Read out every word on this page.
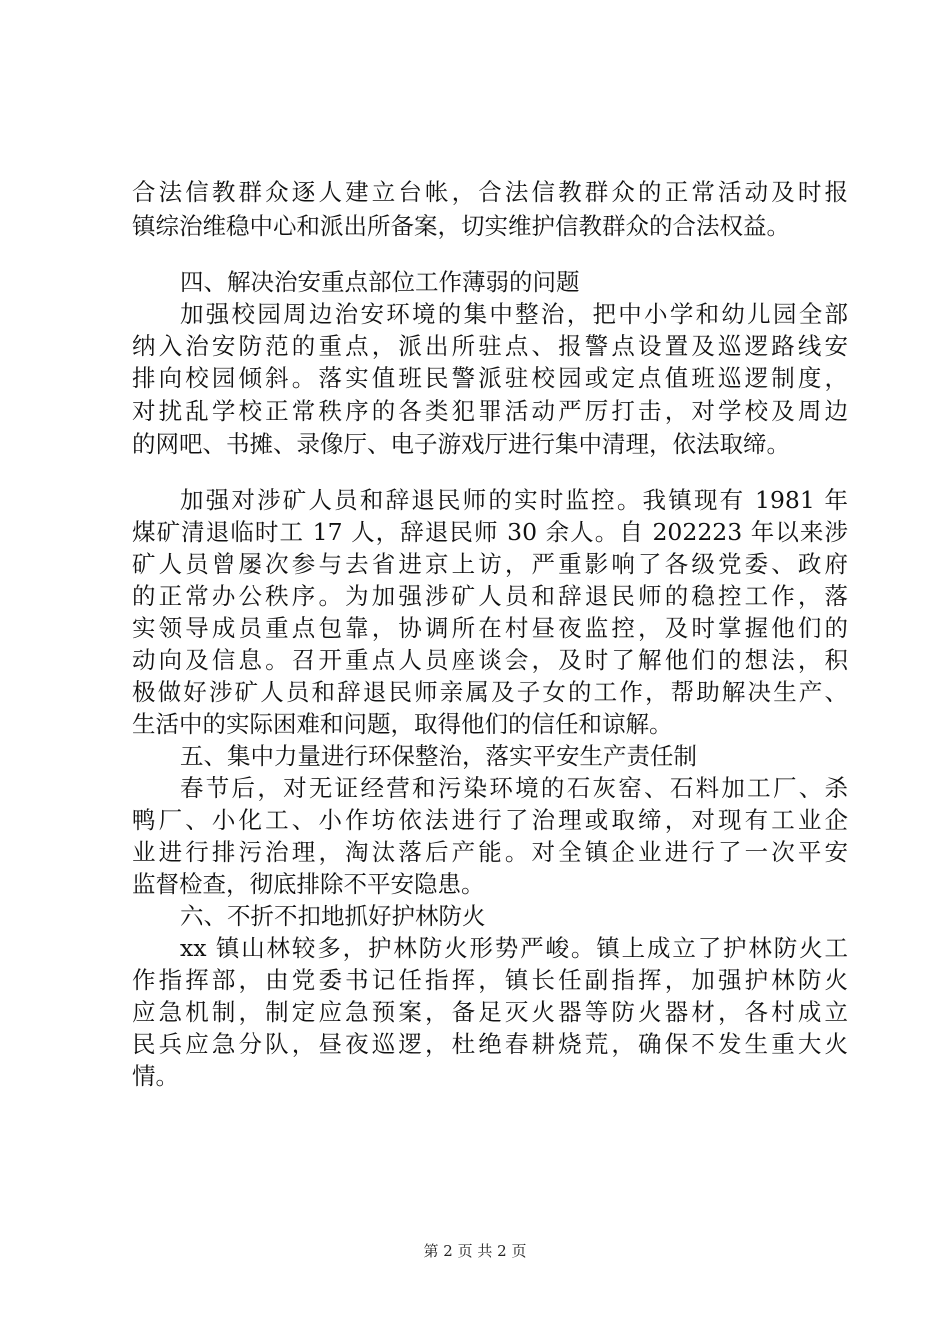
合法信教群众逐人建立台帐，合法信教群众的正常活动及时报
镇综治维稳中心和派出所备案，切实维护信教群众的合法权益。
四、解决治安重点部位工作薄弱的问题
加强校园周边治安环境的集中整治，把中小学和幼儿园全部
纳入治安防范的重点，派出所驻点、报警点设置及巡逻路线安
排向校园倾斜。落实值班民警派驻校园或定点值班巡逻制度，
对扰乱学校正常秩序的各类犯罪活动严厉打击，对学校及周边
的网吧、书摊、录像厅、电子游戏厅进行集中清理，依法取缔。
加强对涉矿人员和辞退民师的实时监控。我镇现有 1981 年
煤矿清退临时工 17 人，辞退民师 30 余人。自 202223 年以来涉
矿人员曾屡次参与去省进京上访，严重影响了各级党委、政府
的正常办公秩序。为加强涉矿人员和辞退民师的稳控工作，落
实领导成员重点包靠，协调所在村昼夜监控，及时掌握他们的
动向及信息。召开重点人员座谈会，及时了解他们的想法，积
极做好涉矿人员和辞退民师亲属及子女的工作，帮助解决生产、
生活中的实际困难和问题，取得他们的信任和谅解。
五、集中力量进行环保整治，落实平安生产责任制
春节后，对无证经营和污染环境的石灰窑、石料加工厂、杀
鸭厂、小化工、小作坊依法进行了治理或取缔，对现有工业企
业进行排污治理，淘汰落后产能。对全镇企业进行了一次平安
监督检查，彻底排除不平安隐患。
六、不折不扣地抓好护林防火
xx 镇山林较多，护林防火形势严峻。镇上成立了护林防火工
作指挥部，由党委书记任指挥，镇长任副指挥，加强护林防火
应急机制，制定应急预案，备足灭火器等防火器材，各村成立
民兵应急分队，昼夜巡逻，杜绝春耕烧荒，确保不发生重大火
情。
第 2 页 共 2 页
